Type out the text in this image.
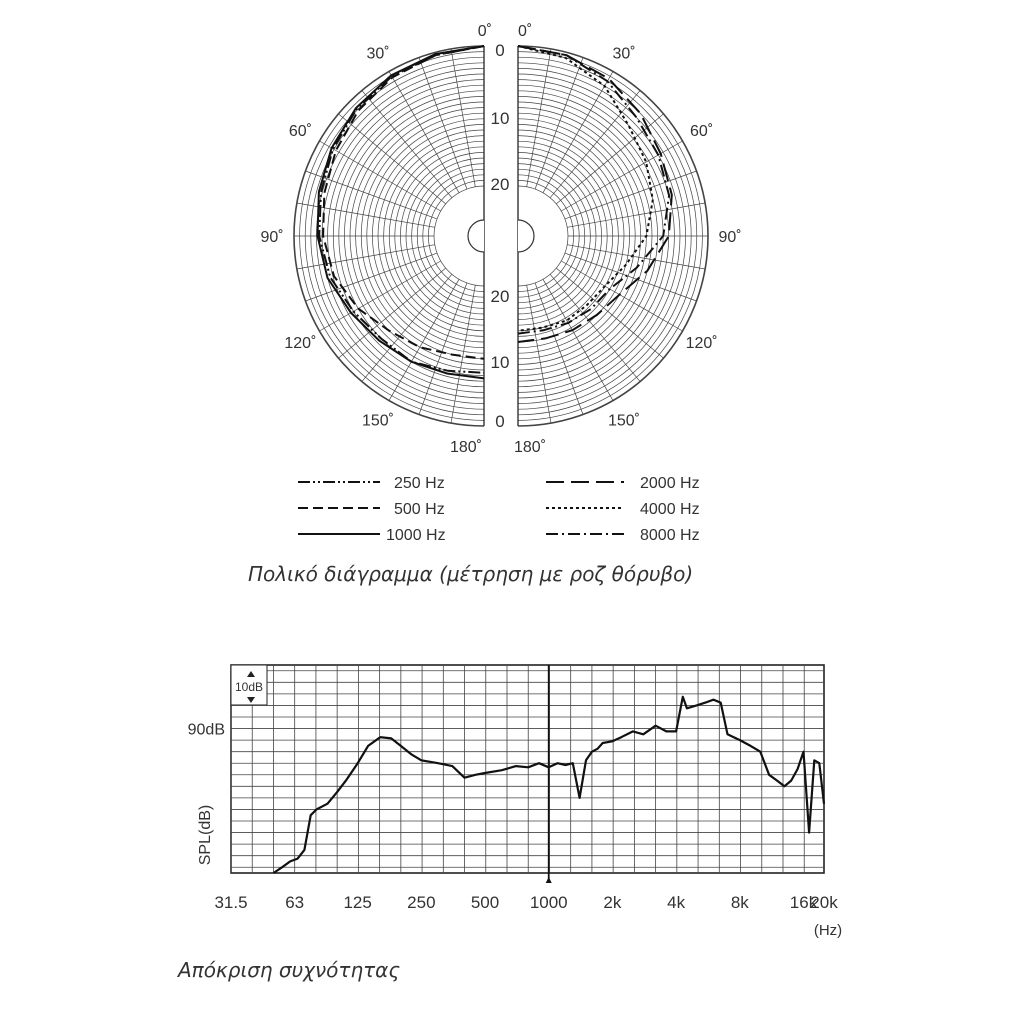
0˚
30˚
60˚
90˚
120˚
150˚
180˚
0˚
30˚
60˚
90˚
120˚
150˚
180˚
0
10
20
20
10
0
250 Hz
500 Hz
1000 Hz
2000 Hz
4000 Hz
8000 Hz
Πολικό διάγραμμα (μέτρηση με ροζ θόρυβο)
10dB
90dB
SPL(dB)
31.5 63 125 250 500 1000 2k	4k	8k 16k
20k
(Hz)
Απόκριση συχνότητας
